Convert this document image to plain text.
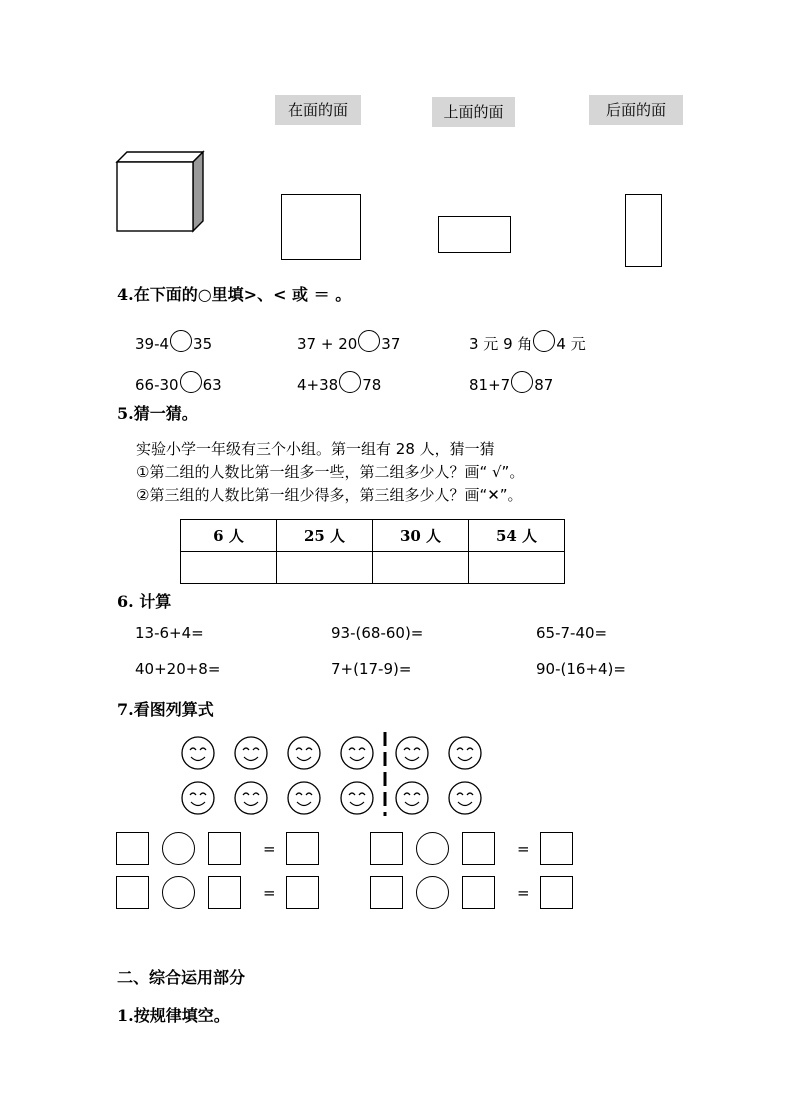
在面的面	上面的面	后面的面
4.在下面的○里填>、< 或 ＝ 。
39-4 35	37 + 20 37	3 元 9 角 4 元
66-30 63	4+38 78	81+7 87
5.猜一猜。
实验小学一年级有三个小组。第一组有 28 人，猜一猜
①第二组的人数比第一组多一些，第二组多少人？画“ √”。
②第三组的人数比第一组少得多，第三组多少人？画“✕”。
6 人	25 人	30 人	54 人

6. 计算
13-6+4=	93-(68-60)=	65-7-40=
40+20+8=	7+(17-9)=	90-(16+4)=
7.看图列算式
=	=
=	=
二、综合运用部分
1.按规律填空。
